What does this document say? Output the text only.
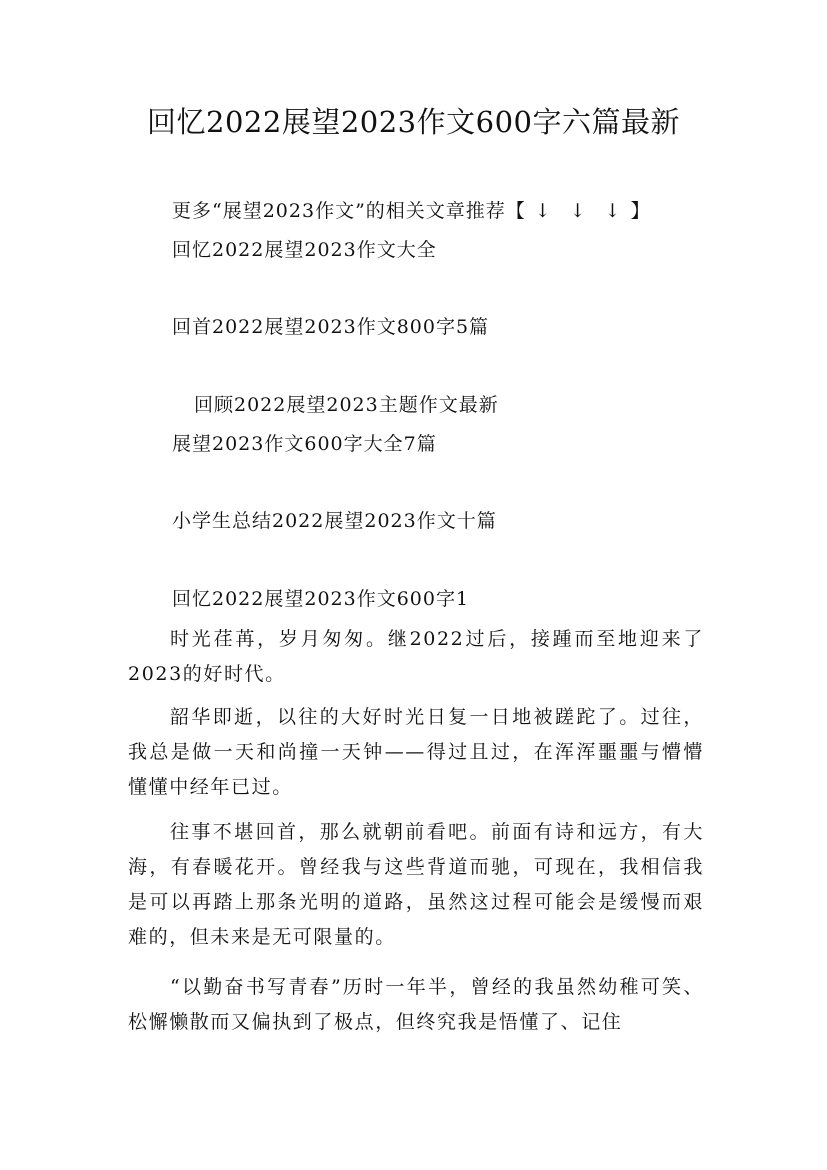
回忆2022展望2023作文600字六篇最新
更多“展望2023作文”的相关文章推荐【 ↓ ↓ ↓ 】
回忆2022展望2023作文大全
回首2022展望2023作文800字5篇
回顾2022展望2023主题作文最新
展望2023作文600字大全7篇
小学生总结2022展望2023作文十篇
回忆2022展望2023作文600字1

时光荏苒，岁月匆匆。继2022过后，接踵而至地迎来了2023的好时代。

韶华即逝，以往的大好时光日复一日地被蹉跎了。过往，我总是做一天和尚撞一天钟——得过且过，在浑浑噩噩与懵懵懂懂中经年已过。

往事不堪回首，那么就朝前看吧。前面有诗和远方，有大海，有春暖花开。曾经我与这些背道而驰，可现在，我相信我是可以再踏上那条光明的道路，虽然这过程可能会是缓慢而艰难的，但未来是无可限量的。

“以勤奋书写青春”历时一年半，曾经的我虽然幼稚可笑、松懈懒散而又偏执到了极点，但终究我是悟懂了、记住
